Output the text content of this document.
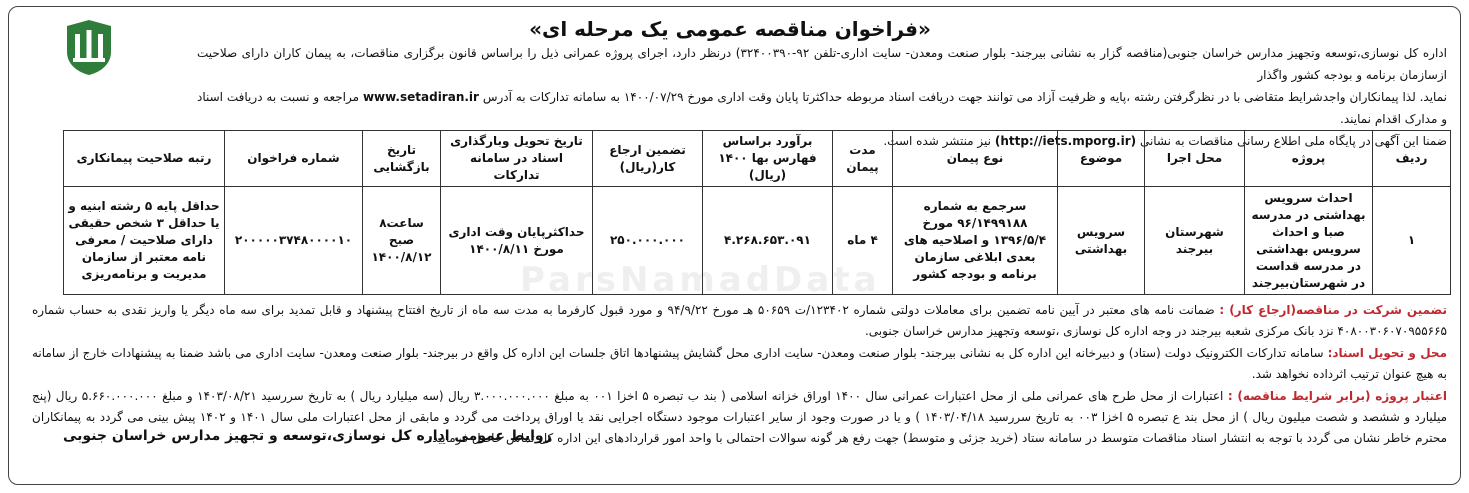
«فراخوان مناقصه عمومی یک مرحله ای»

اداره کل نوسازی،توسعه وتجهیز مدارس خراسان جنوبی(مناقصه گزار به نشانی بیرجند- بلوار صنعت ومعدن- سایت اداری-تلفن ۹۲-۳۲۴۰۰۳۹۰) درنظر دارد، اجرای پروژه عمرانی ذیل را براساس قانون برگزاری مناقصات، به پیمان کاران دارای صلاحیت ازسازمان برنامه و بودجه کشور واگذار

نماید. لذا پیمانکاران واجدشرایط متقاضی با در نظرگرفتن رشته ،پایه و ظرفیت آزاد می توانند جهت دریافت اسناد مربوطه حداکثرتا پایان وقت اداری مورخ ۱۴۰۰/۰۷/۲۹ به سامانه تدارکات به آدرس www.setadiran.ir مراجعه و نسبت به دریافت اسناد و مدارک اقدام نمایند.

ضمنا این آگهی در پایگاه ملی اطلاع رسانی مناقصات به نشانی (http://iets.mporg.ir) نیز منتشر شده است.

ParsNamadData
ردیف	پروژه	محل اجرا	موضوع	نوع پیمان	مدت پیمان	برآورد براساس فهارس بها ۱۴۰۰ (ریال)	تضمین ارجاع کار(ریال)	تاریخ تحویل وبارگذاری اسناد در سامانه تدارکات	تاریخ بازگشایی	شماره فراخوان	رتبه صلاحیت پیمانکاری
۱	احداث سرویس بهداشتی در مدرسه صبا و احداث سرویس بهداشتی در مدرسه قداست در شهرستان‌بیرجند	شهرستان بیرجند	سرویس بهداشتی	سرجمع به شماره ۹۶/۱۴۹۹۱۸۸ مورخ ۱۳۹۶/۵/۴ و اصلاحیه های بعدی ابلاغی سازمان برنامه و بودجه کشور	۴ ماه	۴.۲۶۸.۶۵۳.۰۹۱	۲۵۰.۰۰۰.۰۰۰	حداکثرپایان وقت اداری مورخ ۱۴۰۰/۸/۱۱	ساعت۸ صبح ۱۴۰۰/۸/۱۲	۲۰۰۰۰۰۳۷۴۸۰۰۰۰۱۰	حداقل پایه ۵ رشته ابنیه و یا حداقل ۳ شخص حقیقی دارای صلاحیت / معرفی نامه معتبر از سازمان مدیریت و برنامه‌ریزی

تضمین شرکت در مناقصه(ارجاع کار) : ضمانت نامه های معتبر در آیین نامه تضمین برای معاملات دولتی شماره ۱۲۳۴۰۲/ت ۵۰۶۵۹ هـ مورخ ۹۴/۹/۲۲ و مورد قبول کارفرما به مدت سه ماه از تاریخ افتتاح پیشنهاد و قابل تمدید برای سه ماه دیگر یا واریز نقدی به حساب شماره ۴۰۸۰۰۳۰۶۰۷۰۹۵۵۶۶۵ نزد بانک مرکزی شعبه بیرجند در وجه اداره کل نوسازی ،توسعه وتجهیز مدارس خراسان جنوبی.

محل و تحویل اسناد: سامانه تدارکات الکترونیک دولت (ستاد) و دبیرخانه این اداره کل به نشانی بیرجند- بلوار صنعت ومعدن- سایت اداری محل گشایش پیشنهادها اتاق جلسات این اداره کل واقع در بیرجند- بلوار صنعت ومعدن- سایت اداری می باشد ضمنا به پیشنهادات خارج از سامانه به هیچ عنوان ترتیب اثرداده نخواهد شد.

اعتبار پروژه (برابر شرایط مناقصه) : اعتبارات از محل طرح های عمرانی ملی از محل اعتبارات عمرانی سال ۱۴۰۰ اوراق خزانه اسلامی ( بند ب تبصره ۵ اخزا ۰۰۱ به مبلغ ۳.۰۰۰.۰۰۰.۰۰۰ ریال (سه میلیارد ریال ) به تاریخ سررسید ۱۴۰۳/۰۸/۲۱ و مبلغ ۵.۶۶۰.۰۰۰.۰۰۰ ریال (پنج میلیارد و ششصد و شصت میلیون ریال ) از محل بند ع تبصره ۵ اخزا ۰۰۳ به تاریخ سررسید ۱۴۰۳/۰۴/۱۸ ) و یا در صورت وجود از سایر اعتبارات موجود دستگاه اجرایی نقد یا اوراق پرداخت می گردد و مابقی از محل اعتبارات ملی سال ۱۴۰۱ و ۱۴۰۲ پیش بینی می گردد به پیمانکاران محترم خاطر نشان می گردد با توجه به انتشار اسناد مناقصات متوسط در سامانه ستاد (خرید جزئی و متوسط) جهت رفع هر گونه سوالات احتمالی با واحد امور قراردادهای این اداره کل تماس حاصل فرمایید.

روابط عمومی اداره کل نوسازی،توسعه و تجهیز مدارس خراسان جنوبی
